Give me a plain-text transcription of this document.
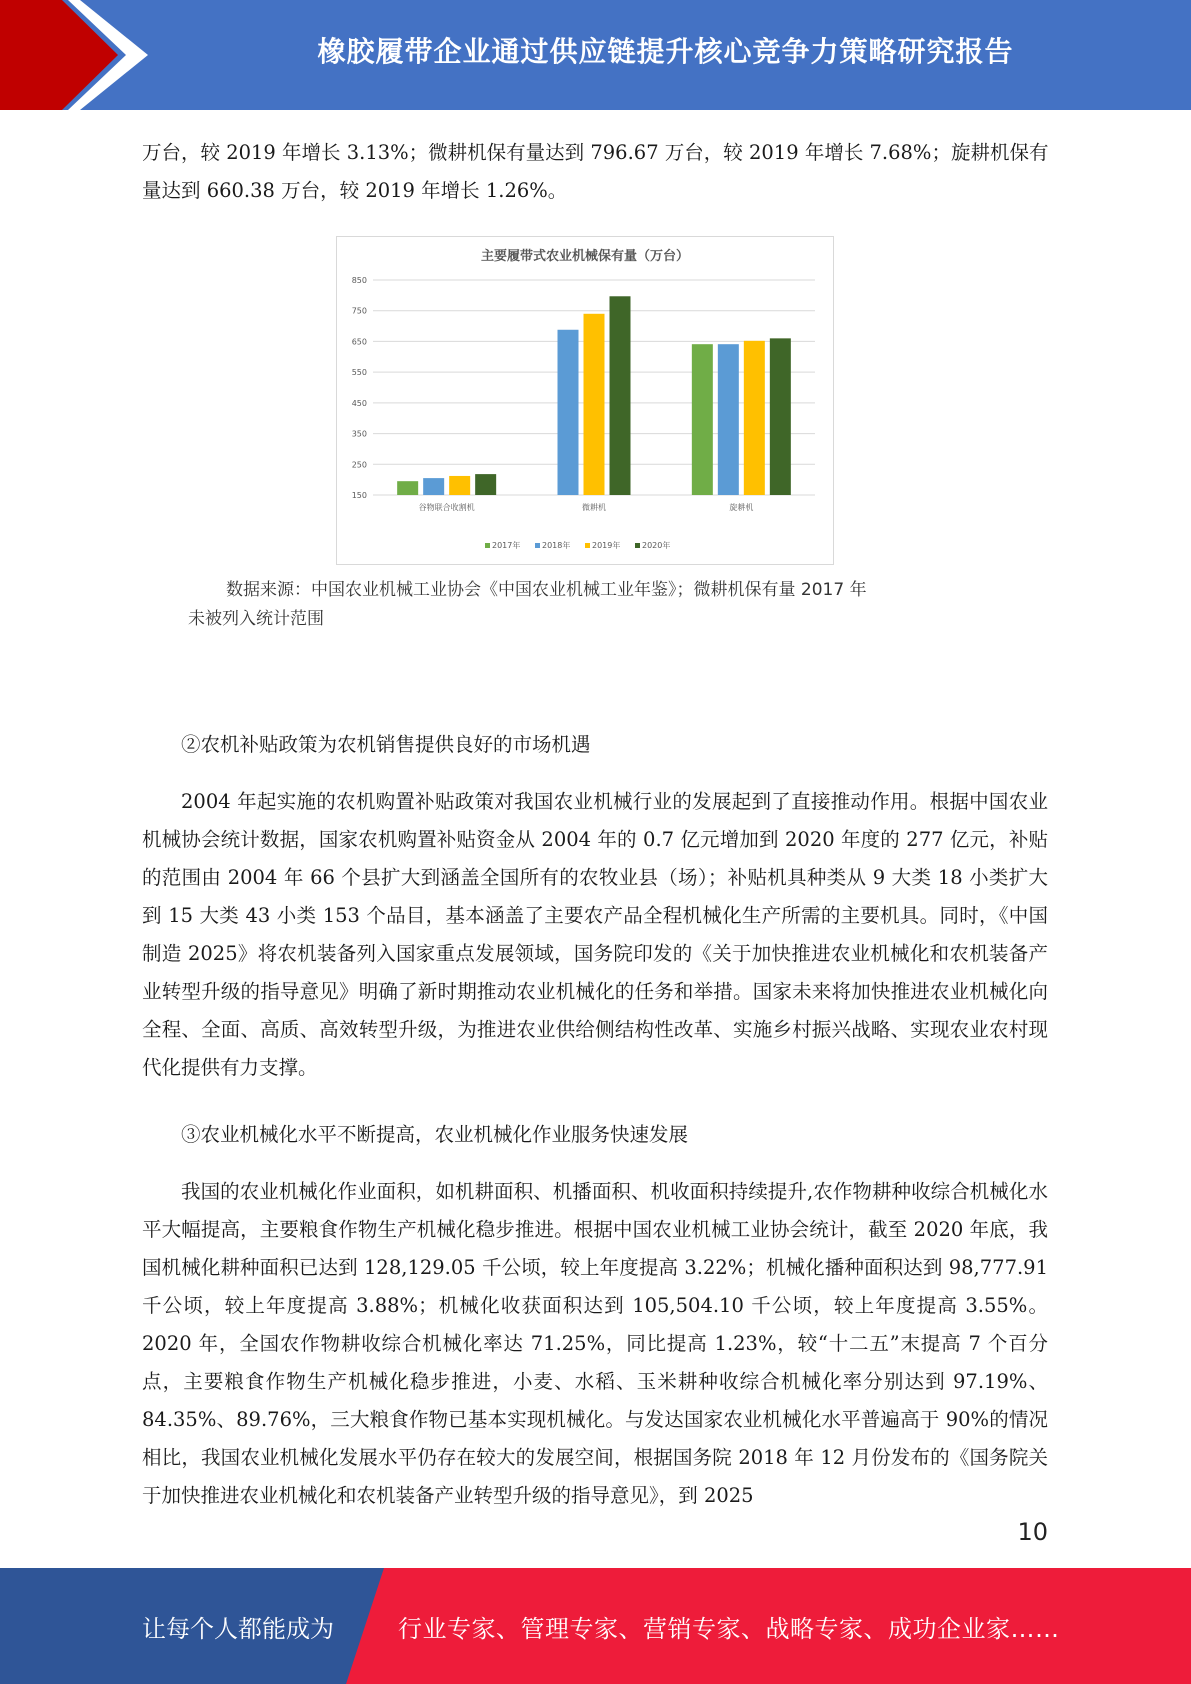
橡胶履带企业通过供应链提升核心竞争力策略研究报告
万台，较 2019 年增长 3.13%；微耕机保有量达到 796.67 万台，较 2019 年增长 7.68%；旋耕机保有
量达到 660.38 万台，较 2019 年增长 1.26%。
主要履带式农业机械保有量（万台）
150
250
350
450
550
650
750
850
谷物联合收割机	微耕机	旋耕机
2017年	2018年	2019年	2020年
数据来源：中国农业机械工业协会《中国农业机械工业年鉴》；微耕机保有量 2017 年
未被列入统计范围
②农机补贴政策为农机销售提供良好的市场机遇
2004 年起实施的农机购置补贴政策对我国农业机械行业的发展起到了直接推动作用。根据中国农业机械协会统计数据，国家农机购置补贴资金从 2004 年的 0.7 亿元增加到 2020 年度的 277 亿元，补贴的范围由 2004 年 66 个县扩大到涵盖全国所有的农牧业县（场）；补贴机具种类从 9 大类 18 小类扩大到 15 大类 43 小类 153 个品目，基本涵盖了主要农产品全程机械化生产所需的主要机具。同时，《中国制造 2025》将农机装备列入国家重点发展领域，国务院印发的《关于加快推进农业机械化和农机装备产业转型升级的指导意见》明确了新时期推动农业机械化的任务和举措。国家未来将加快推进农业机械化向全程、全面、高质、高效转型升级，为推进农业供给侧结构性改革、实施乡村振兴战略、实现农业农村现代化提供有力支撑。
③农业机械化水平不断提高，农业机械化作业服务快速发展
我国的农业机械化作业面积，如机耕面积、机播面积、机收面积持续提升,农作物耕种收综合机械化水平大幅提高，主要粮食作物生产机械化稳步推进。根据中国农业机械工业协会统计，截至 2020 年底，我国机械化耕种面积已达到 128,129.05 千公顷，较上年度提高 3.22%；机械化播种面积达到 98,777.91 千公顷，较上年度提高 3.88%；机械化收获面积达到 105,504.10 千公顷，较上年度提高 3.55%。2020 年，全国农作物耕收综合机械化率达 71.25%，同比提高 1.23%，较“十二五”末提高 7 个百分点，主要粮食作物生产机械化稳步推进，小麦、水稻、玉米耕种收综合机械化率分别达到 97.19%、84.35%、89.76%，三大粮食作物已基本实现机械化。与发达国家农业机械化水平普遍高于 90%的情况相比，我国农业机械化发展水平仍存在较大的发展空间，根据国务院 2018 年 12 月份发布的《国务院关于加快推进农业机械化和农机装备产业转型升级的指导意见》，到 2025
10
让每个人都能成为	行业专家、管理专家、营销专家、战略专家、成功企业家……
